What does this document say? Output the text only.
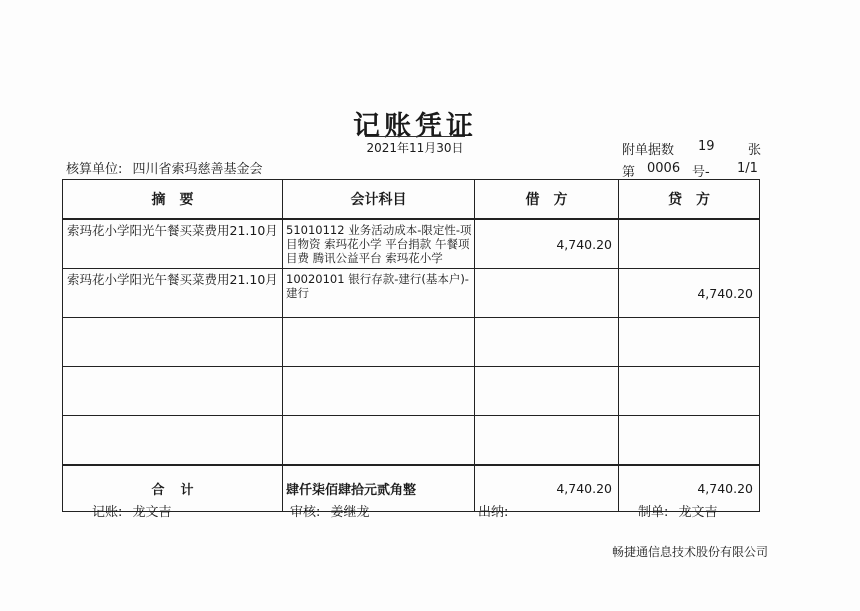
记账凭证
2021年11月30日	附单据数 19	张
第 0006 号- 1/1
核算单位: 四川省索玛慈善基金会
摘　要	会计科目	借　方	贷　方
索玛花小学阳光午餐买菜费用21.10月	51010112 业务活动成本-限定性-项目物资 索玛花小学 平台捐款 午餐项目费 腾讯公益平台 索玛花小学	4,740.20	
索玛花小学阳光午餐买菜费用21.10月	10020101 银行存款-建行(基本户)-建行		4,740.20

合 计	肆仟柒佰肆拾元贰角整	4,740.20	4,740.20
记账: 龙文吉	审核: 姜继龙	出纳:	制单: 龙文吉
畅捷通信息技术股份有限公司
